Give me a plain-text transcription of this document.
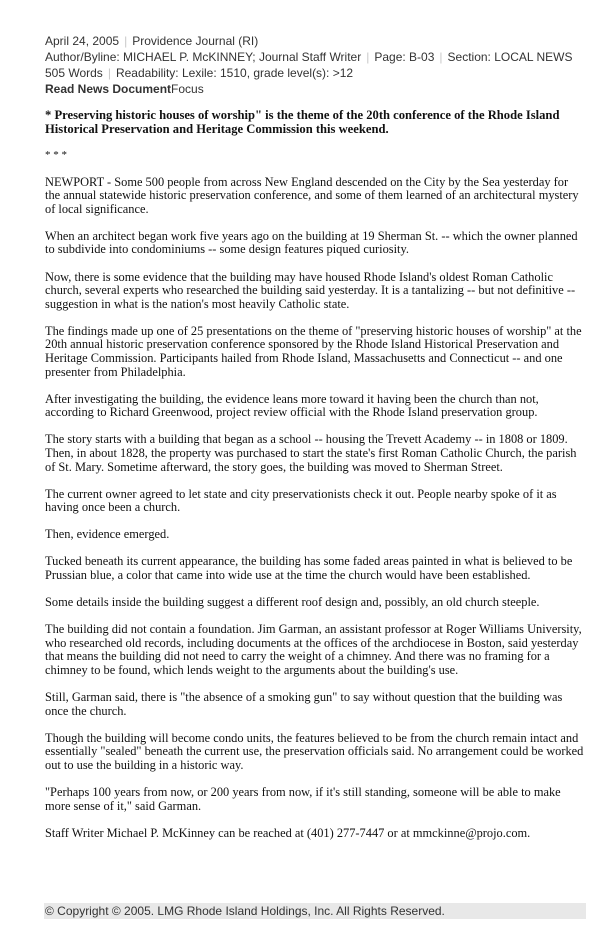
April 24, 2005 | Providence Journal (RI)
Author/Byline: MICHAEL P. McKINNEY; Journal Staff Writer | Page: B-03 | Section: LOCAL NEWS
505 Words | Readability: Lexile: 1510, grade level(s): >12
Read News DocumentFocus
* Preserving historic houses of worship" is the theme of the 20th conference of the Rhode Island Historical Preservation and Heritage Commission this weekend.
* * *

NEWPORT - Some 500 people from across New England descended on the City by the Sea yesterday for the annual statewide historic preservation conference, and some of them learned of an architectural mystery of local significance.

When an architect began work five years ago on the building at 19 Sherman St. -- which the owner planned to subdivide into condominiums -- some design features piqued curiosity.

Now, there is some evidence that the building may have housed Rhode Island's oldest Roman Catholic church, several experts who researched the building said yesterday. It is a tantalizing -- but not definitive -- suggestion in what is the nation's most heavily Catholic state.

The findings made up one of 25 presentations on the theme of "preserving historic houses of worship" at the 20th annual historic preservation conference sponsored by the Rhode Island Historical Preservation and Heritage Commission. Participants hailed from Rhode Island, Massachusetts and Connecticut -- and one presenter from Philadelphia.

After investigating the building, the evidence leans more toward it having been the church than not, according to Richard Greenwood, project review official with the Rhode Island preservation group.

The story starts with a building that began as a school -- housing the Trevett Academy -- in 1808 or 1809. Then, in about 1828, the property was purchased to start the state's first Roman Catholic Church, the parish of St. Mary. Sometime afterward, the story goes, the building was moved to Sherman Street.

The current owner agreed to let state and city preservationists check it out. People nearby spoke of it as having once been a church.

Then, evidence emerged.

Tucked beneath its current appearance, the building has some faded areas painted in what is believed to be Prussian blue, a color that came into wide use at the time the church would have been established.

Some details inside the building suggest a different roof design and, possibly, an old church steeple.

The building did not contain a foundation. Jim Garman, an assistant professor at Roger Williams University, who researched old records, including documents at the offices of the archdiocese in Boston, said yesterday that means the building did not need to carry the weight of a chimney. And there was no framing for a chimney to be found, which lends weight to the arguments about the building's use.

Still, Garman said, there is "the absence of a smoking gun" to say without question that the building was once the church.

Though the building will become condo units, the features believed to be from the church remain intact and essentially "sealed" beneath the current use, the preservation officials said. No arrangement could be worked out to use the building in a historic way.

"Perhaps 100 years from now, or 200 years from now, if it's still standing, someone will be able to make more sense of it," said Garman.

Staff Writer Michael P. McKinney can be reached at (401) 277-7447 or at mmckinne@projo.com.

© Copyright © 2005. LMG Rhode Island Holdings, Inc. All Rights Reserved.
